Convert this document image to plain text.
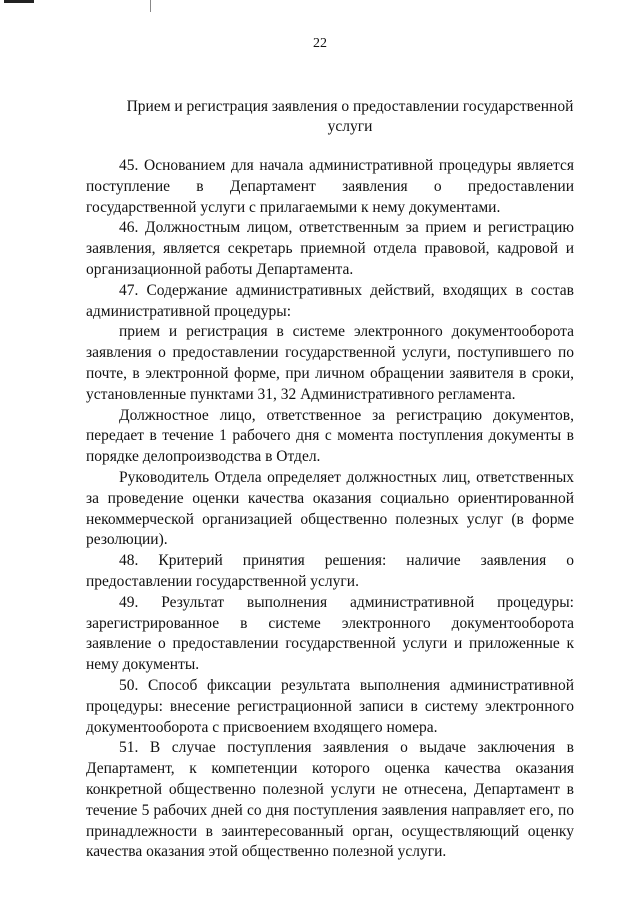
22
Прием и регистрация заявления о предоставлении государственной услуги

45. Основанием для начала административной процедуры является поступление в Департамент заявления о предоставлении государственной услуги с прилагаемыми к нему документами.

46. Должностным лицом, ответственным за прием и регистрацию заявления, является секретарь приемной отдела правовой, кадровой и организационной работы Департамента.

47. Содержание административных действий, входящих в состав административной процедуры:

прием и регистрация в системе электронного документооборота заявления о предоставлении государственной услуги, поступившего по почте, в электронной форме, при личном обращении заявителя в сроки, установленные пунктами 31, 32 Административного регламента.

Должностное лицо, ответственное за регистрацию документов, передает в течение 1 рабочего дня с момента поступления документы в порядке делопроизводства в Отдел.

Руководитель Отдела определяет должностных лиц, ответственных за проведение оценки качества оказания социально ориентированной некоммерческой организацией общественно полезных услуг (в форме резолюции).

48. Критерий принятия решения: наличие заявления о предоставлении государственной услуги.

49. Результат выполнения административной процедуры: зарегистрированное в системе электронного документооборота заявление о предоставлении государственной услуги и приложенные к нему документы.

50. Способ фиксации результата выполнения административной процедуры: внесение регистрационной записи в систему электронного документооборота с присвоением входящего номера.

51. В случае поступления заявления о выдаче заключения в Департамент, к компетенции которого оценка качества оказания конкретной общественно полезной услуги не отнесена, Департамент в течение 5 рабочих дней со дня поступления заявления направляет его, по принадлежности в заинтересованный орган, осуществляющий оценку качества оказания этой общественно полезной услуги.
